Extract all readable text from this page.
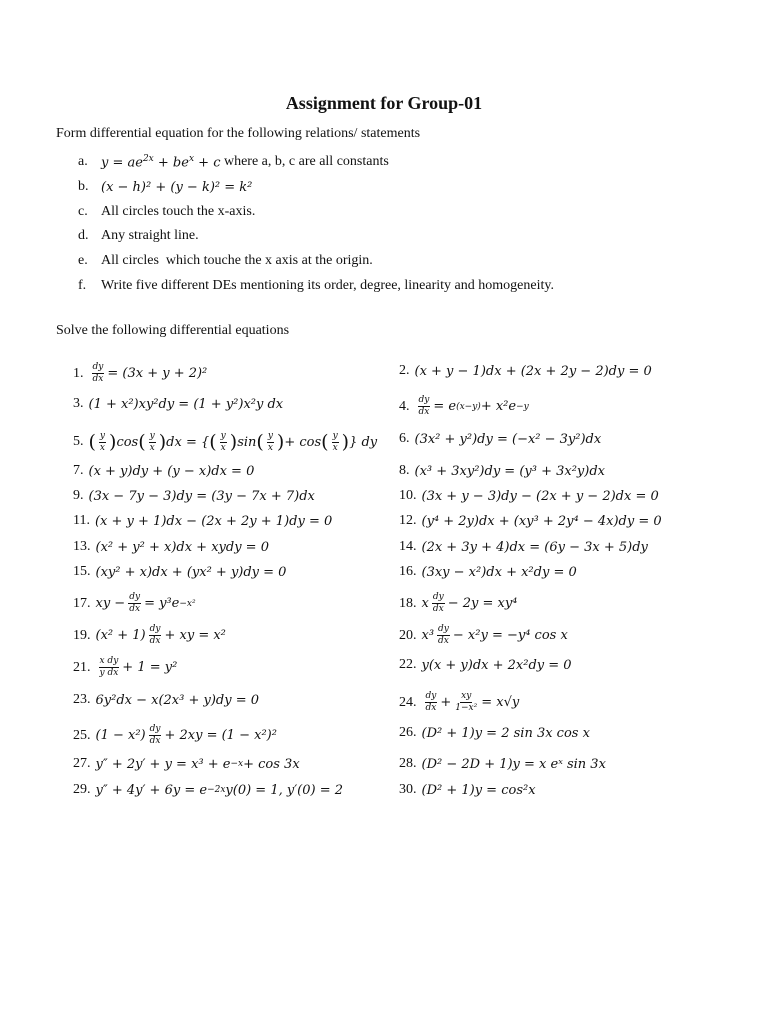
Assignment for Group-01
Form differential equation for the following relations/ statements
a.	$y = ae^{2x} + be^x + c$ where a, b, c are all constants
b. (x − h)² + (y − k)² = k²
c. All circles touch the x-axis.
d. Any straight line.
e. All circles  which touche the x axis at the origin.
f.	Write five different DEs mentioning its order, degree, linearity and homogeneity.
Solve the following differential equations
1. $\frac{dy}{dx} = (3x + y + 2)^2$	2. (x + y − 1)dx + (2x + 2y − 2)dy = 0
3. (1 + x²)xy²dy = (1 + y²)x²y dx	4. $\frac{dy}{dx} = e$ (x−y) + x²e −y
5. ( $\frac{y}{x}$ ) cos ( $\frac{y}{x}$ ) dx = { ( $\frac{y}{x}$ ) sin ( $\frac{y}{x}$ ) + cos ( $\frac{y}{x}$ ) } dy 6. (3x² + y²)dy = (−x² − 3y²)dx
7. (x + y)dy + (y − x)dx = 0	8. (x³ + 3xy²)dy = (y³ + 3x²y)dx
9. (3x − 7y − 3)dy = (3y − 7x + 7)dx	10. (3x + y − 3)dy − (2x + y − 2)dx = 0
11. (x + y + 1)dx − (2x + 2y + 1)dy = 0	12. (y⁴ + 2y)dx + (xy³ + 2y⁴ − 4x)dy = 0
13. (x² + y² + x)dx + xydy = 0	14. (2x + 3y + 4)dx = (6y − 3x + 5)dy
15. (xy² + x)dx + (yx² + y)dy = 0	16. (3xy − x²)dx + x²dy = 0
17. xy − $\frac{dy}{dx} = y^3e -x^2$	18. x $\frac{dy}{dx} - 2y = xy^4$
19. $(x^2 + 1) \frac{dy}{dx}$ + xy = x²	20. $x^3 \frac{dy}{dx} - x^2y = -y^4$ cos x
21. $\frac{\text{x dy}}{\text{y dx}} + 1 = y^2$	22. y(x + y)dx + 2x²dy = 0
23. 6y²dx − x(2x³ + y)dy = 0	24. $\frac{dy}{dx} + \frac{xy}{\text{1−x²}} = x√y$
25. $(1 - x^2) \frac{dy}{dx} + 2xy = (1 - x^2)^2$	26. (D² + 1)y = 2 sin 3x cos x
27. y″ + 2y′ + y = x³ + e −x + cos 3x	28. (D² − 2D + 1)y = x eˣ sin 3x
29. y″ + 4y′ + 6y = e −2x y(0) = 1, y′(0) = 2	30. (D² + 1)y = cos²x
